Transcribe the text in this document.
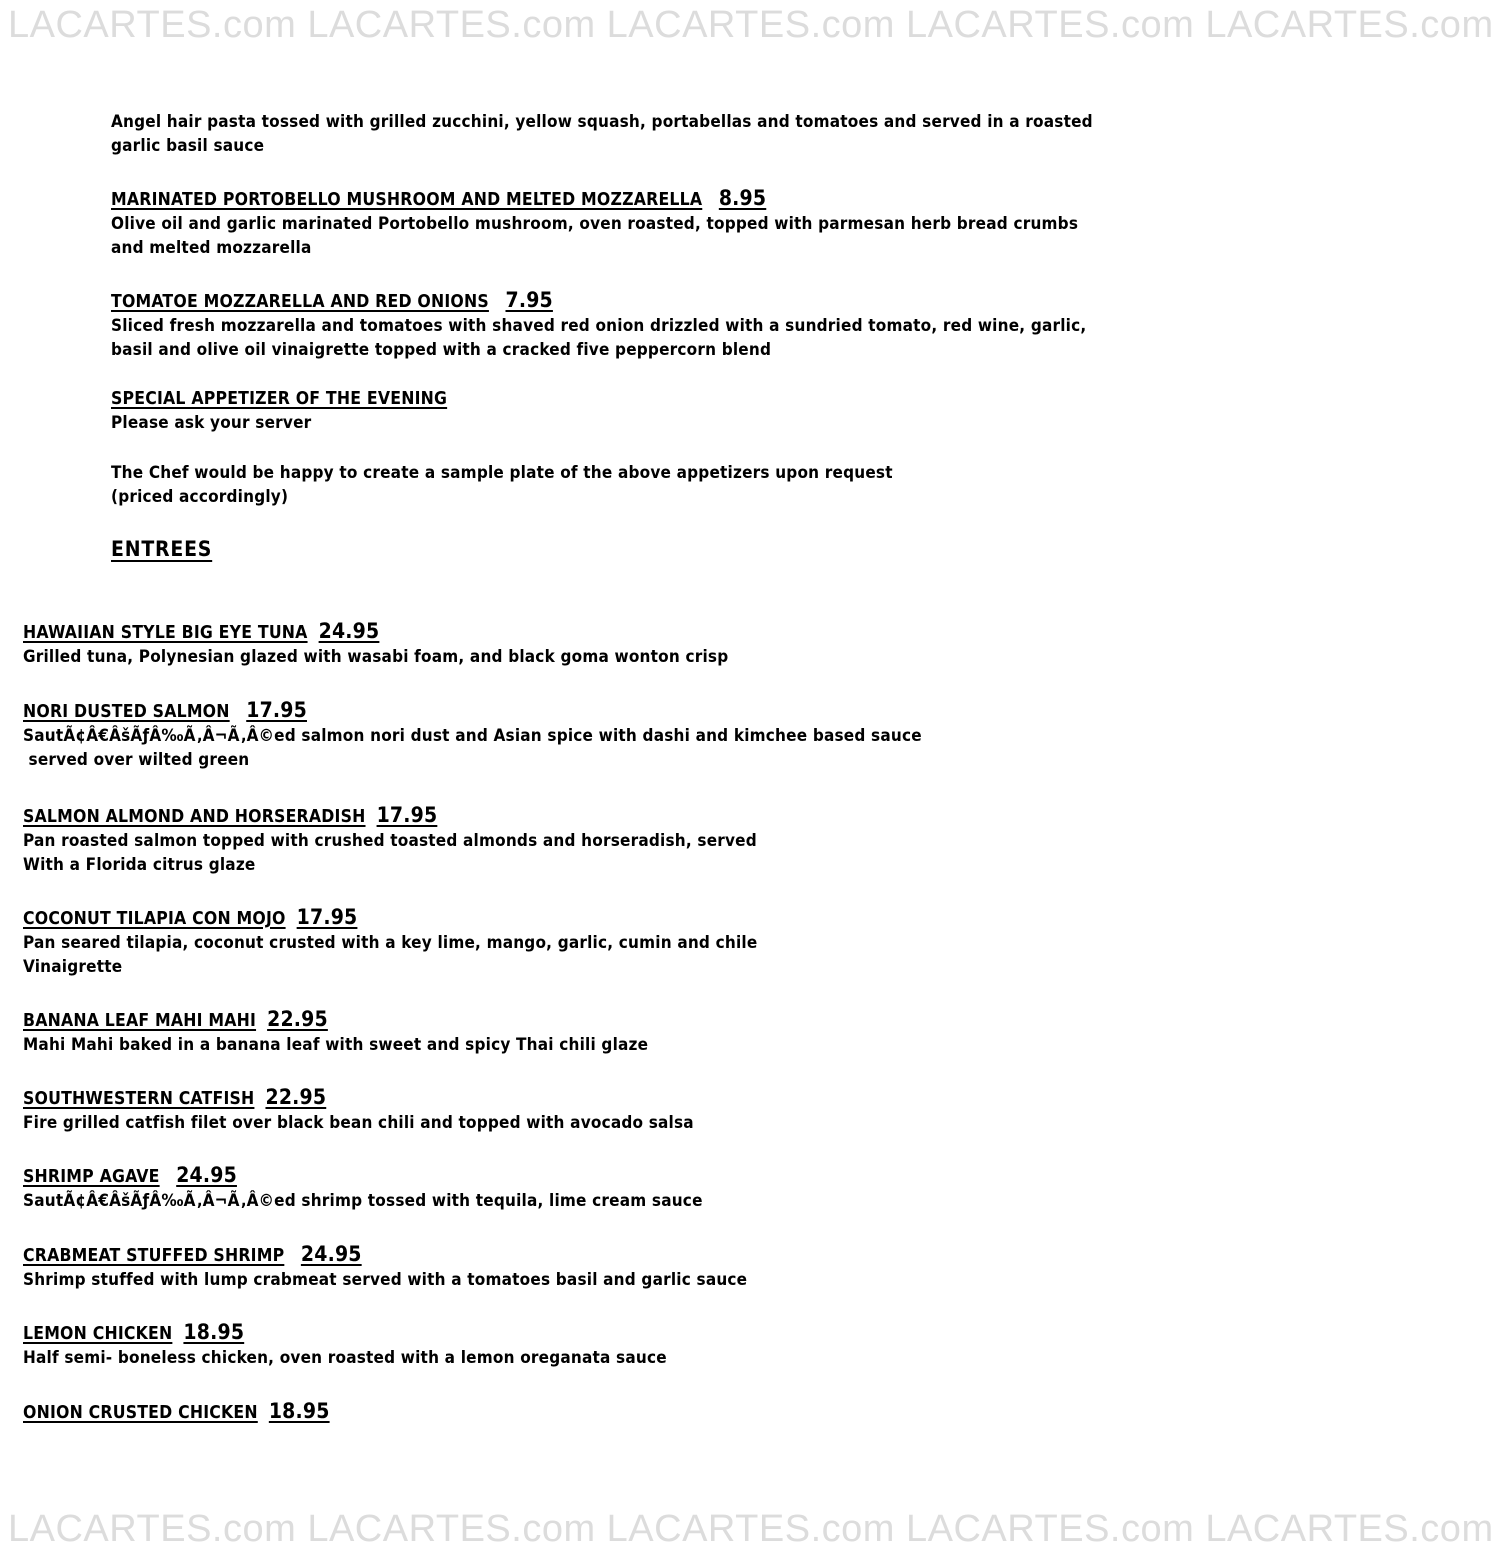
LACARTES.com LACARTES.com LACARTES.com LACARTES.com LACARTES.com
Angel hair pasta tossed with grilled zucchini, yellow squash, portabellas and tomatoes and served in a roasted
garlic basil sauce
MARINATED PORTOBELLO MUSHROOM AND MELTED MOZZARELLA 8.95
Olive oil and garlic marinated Portobello mushroom, oven roasted, topped with parmesan herb bread crumbs
and melted mozzarella
TOMATOE MOZZARELLA AND RED ONIONS 7.95
Sliced fresh mozzarella and tomatoes with shaved red onion drizzled with a sundried tomato, red wine, garlic,
basil and olive oil vinaigrette topped with a cracked five peppercorn blend
SPECIAL APPETIZER OF THE EVENING
Please ask your server
The Chef would be happy to create a sample plate of the above appetizers upon request
(priced accordingly)
ENTREES
HAWAIIAN STYLE BIG EYE TUNA 24.95
Grilled tuna, Polynesian glazed with wasabi foam, and black goma wonton crisp
NORI DUSTED SALMON 17.95
SautÃ¢Â€ÂšÃƒÂ‰Ã‚Â¬Ã‚Â©ed salmon nori dust and Asian spice with dashi and kimchee based sauce
served over wilted green
SALMON ALMOND AND HORSERADISH 17.95
Pan roasted salmon topped with crushed toasted almonds and horseradish, served
With a Florida citrus glaze
COCONUT TILAPIA CON MOJO 17.95
Pan seared tilapia, coconut crusted with a key lime, mango, garlic, cumin and chile
Vinaigrette
BANANA LEAF MAHI MAHI 22.95
Mahi Mahi baked in a banana leaf with sweet and spicy Thai chili glaze
SOUTHWESTERN CATFISH 22.95
Fire grilled catfish filet over black bean chili and topped with avocado salsa
SHRIMP AGAVE 24.95
SautÃ¢Â€ÂšÃƒÂ‰Ã‚Â¬Ã‚Â©ed shrimp tossed with tequila, lime cream sauce
CRABMEAT STUFFED SHRIMP 24.95
Shrimp stuffed with lump crabmeat served with a tomatoes basil and garlic sauce
LEMON CHICKEN 18.95
Half semi- boneless chicken, oven roasted with a lemon oreganata sauce
ONION CRUSTED CHICKEN 18.95
LACARTES.com LACARTES.com LACARTES.com LACARTES.com LACARTES.com
